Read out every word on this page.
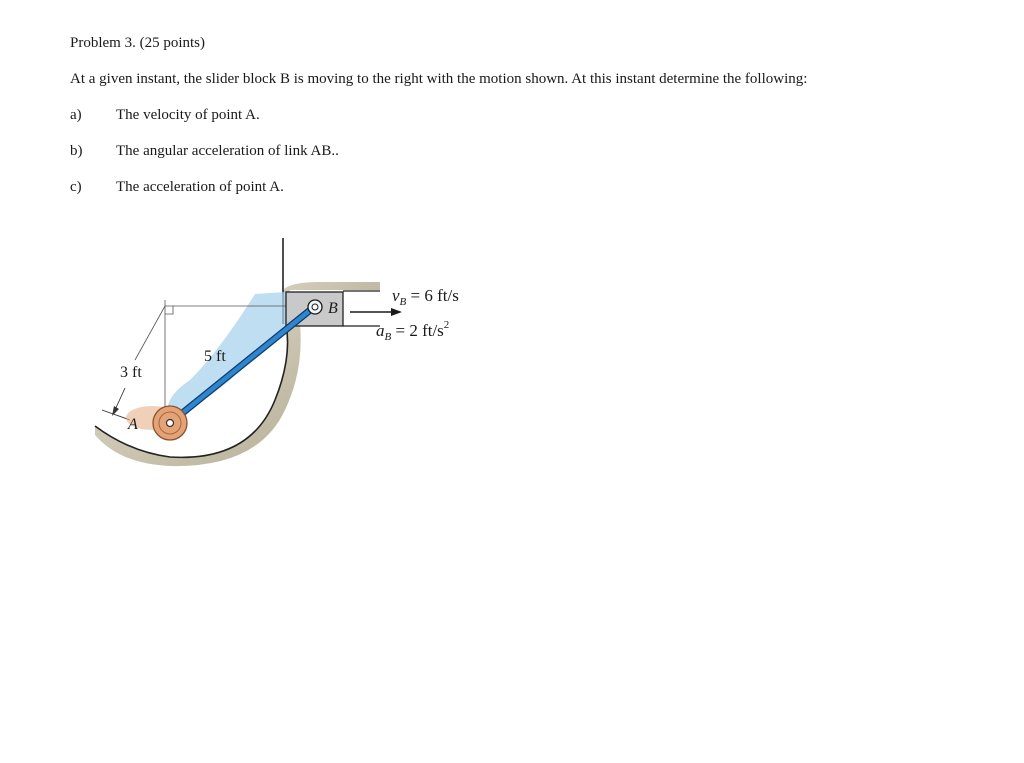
Problem 3. (25 points)
At a given instant, the slider block B is moving to the right with the motion shown. At this instant determine the following:
a) The velocity of point A.
b) The angular acceleration of link AB..
c) The acceleration of point A.
3 ft
5 ft
A
B
$v_B = 6$ ft/s
$a_B = 2$ $ft/s^2$
